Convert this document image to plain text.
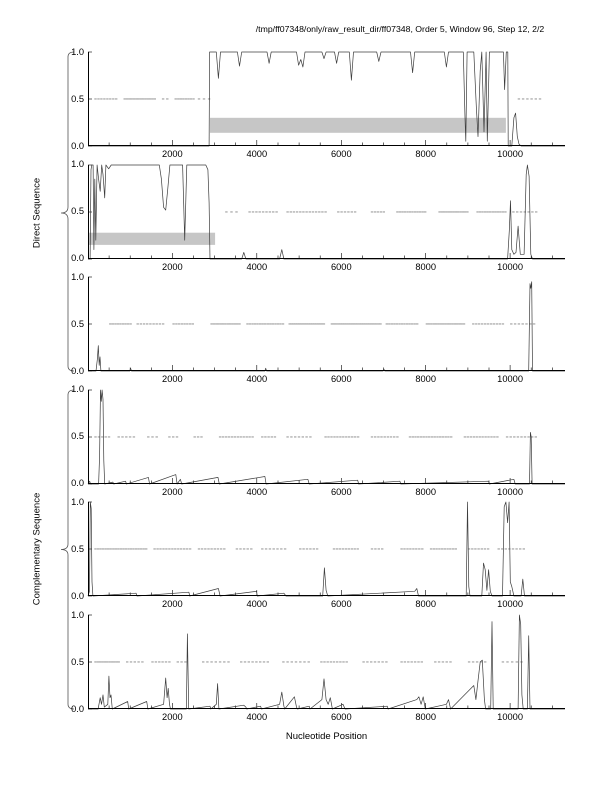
/tmp/ff07348/only/raw_result_dir/ff07348, Order 5, Window 96, Step 12, 2/2
Direct Sequence
Complementary Sequence
1.0
0.5
0.0
2000	4000	6000	8000	10000
1.0
0.5
0.0
2000	4000	6000	8000	10000
1.0
0.5
0.0
2000	4000	6000	8000	10000
1.0
0.5
0.0
2000	4000	6000	8000	10000
1.0
0.5
0.0
2000	4000	6000	8000	10000
1.0
0.5
0.0
2000	4000	6000	8000	10000
Nucleotide Position
